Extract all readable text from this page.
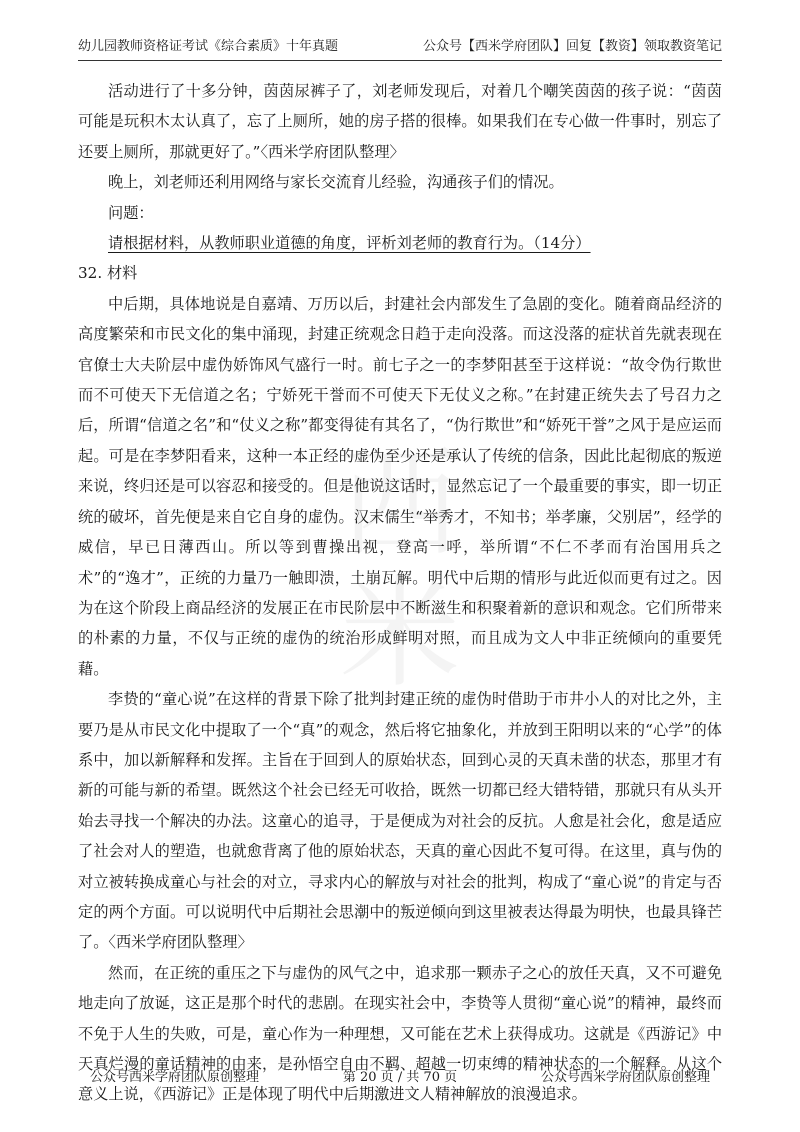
幼儿园教师资格证考试《综合素质》十年真题	公众号【西米学府团队】回复【教资】领取教资笔记

活动进行了十多分钟，茵茵尿裤子了，刘老师发现后，对着几个嘲笑茵茵的孩子说：“茵茵可能是玩积木太认真了，忘了上厕所，她的房子搭的很棒。如果我们在专心做一件事时，别忘了还要上厕所，那就更好了。”〈西米学府团队整理〉

晚上，刘老师还利用网络与家长交流育儿经验，沟通孩子们的情况。

问题：

请根据材料，从教师职业道德的角度，评析刘老师的教育行为。（14分）

32. 材料

中后期，具体地说是自嘉靖、万历以后，封建社会内部发生了急剧的变化。随着商品经济的高度繁荣和市民文化的集中涌现，封建正统观念日趋于走向没落。而这没落的症状首先就表现在官僚士大夫阶层中虚伪娇饰风气盛行一时。前七子之一的李梦阳甚至于这样说：“故令伪行欺世而不可使天下无信道之名；宁娇死干誉而不可使天下无仗义之称。”在封建正统失去了号召力之后，所谓“信道之名”和“仗义之称”都变得徒有其名了，“伪行欺世”和“娇死干誉”之风于是应运而起。可是在李梦阳看来，这种一本正经的虚伪至少还是承认了传统的信条，因此比起彻底的叛逆来说，终归还是可以容忍和接受的。但是他说这话时，显然忘记了一个最重要的事实，即一切正统的破坏，首先便是来自它自身的虚伪。汉末儒生“举秀才，不知书；举孝廉，父别居”，经学的威信，早已日薄西山。所以等到曹操出视，登高一呼，举所谓“不仁不孝而有治国用兵之术”的“逸才”，正统的力量乃一触即溃，土崩瓦解。明代中后期的情形与此近似而更有过之。因为在这个阶段上商品经济的发展正在市民阶层中不断滋生和积聚着新的意识和观念。它们所带来的朴素的力量，不仅与正统的虚伪的统治形成鲜明对照，而且成为文人中非正统倾向的重要凭藉。

李贽的“童心说”在这样的背景下除了批判封建正统的虚伪时借助于市井小人的对比之外，主要乃是从市民文化中提取了一个“真”的观念，然后将它抽象化，并放到王阳明以来的“心学”的体系中，加以新解释和发挥。主旨在于回到人的原始状态，回到心灵的天真未凿的状态，那里才有新的可能与新的希望。既然这个社会已经无可收拾，既然一切都已经大错特错，那就只有从头开始去寻找一个解决的办法。这童心的追寻，于是便成为对社会的反抗。人愈是社会化，愈是适应了社会对人的塑造，也就愈背离了他的原始状态，天真的童心因此不复可得。在这里，真与伪的对立被转换成童心与社会的对立，寻求内心的解放与对社会的批判，构成了“童心说”的肯定与否定的两个方面。可以说明代中后期社会思潮中的叛逆倾向到这里被表达得最为明快，也最具锋芒了。〈西米学府团队整理〉

然而，在正统的重压之下与虚伪的风气之中，追求那一颗赤子之心的放任天真，又不可避免地走向了放诞，这正是那个时代的悲剧。在现实社会中，李贽等人贯彻“童心说”的精神，最终而不免于人生的失败，可是，童心作为一种理想，又可能在艺术上获得成功。这就是《西游记》中天真烂漫的童话精神的由来，是孙悟空自由不羁、超越一切束缚的精神状态的一个解释。从这个意义上说，《西游记》正是体现了明代中后期激进文人精神解放的浪漫追求。

公众号西米学府团队原创整理	第 20 页 / 共 70 页	公众号西米学府团队原创整理
